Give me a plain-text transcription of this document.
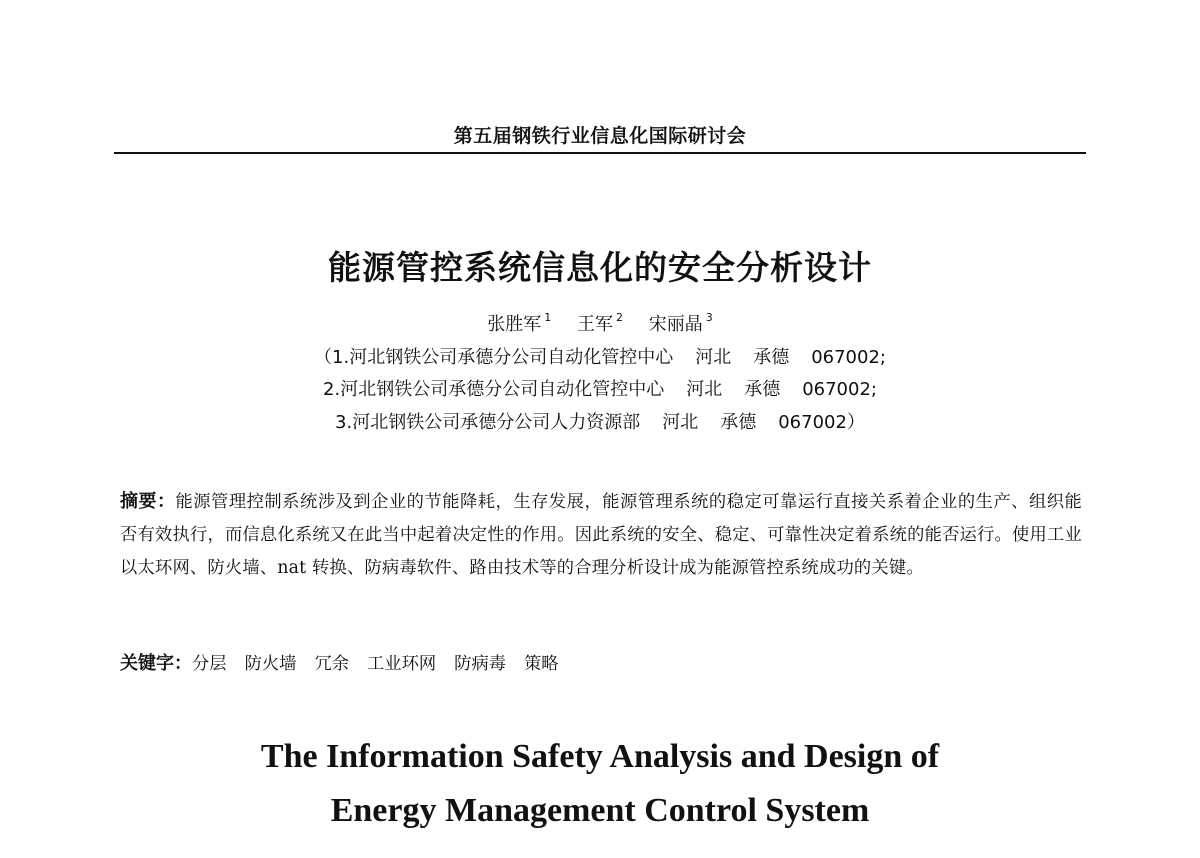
第五届钢铁行业信息化国际研讨会
能源管控系统信息化的安全分析设计
张胜军 $^1$ 王军 $^2$ 宋丽晶 $^3$
（1.河北钢铁公司承德分公司自动化管控中心 河北 承德 067002;
2.河北钢铁公司承德分公司自动化管控中心 河北 承德 067002;
3.河北钢铁公司承德分公司人力资源部 河北 承德 067002）
摘要：能源管理控制系统涉及到企业的节能降耗，生存发展，能源管理系统的稳定可靠运行直接关系着企业的生产、组织能否有效执行，而信息化系统又在此当中起着决定性的作用。因此系统的安全、稳定、可靠性决定着系统的能否运行。使用工业以太环网、防火墙、nat 转换、防病毒软件、路由技术等的合理分析设计成为能源管控系统成功的关键。
关键字：分层 防火墙 冗余 工业环网 防病毒 策略
The Information Safety Analysis and Design of
Energy Management Control System
